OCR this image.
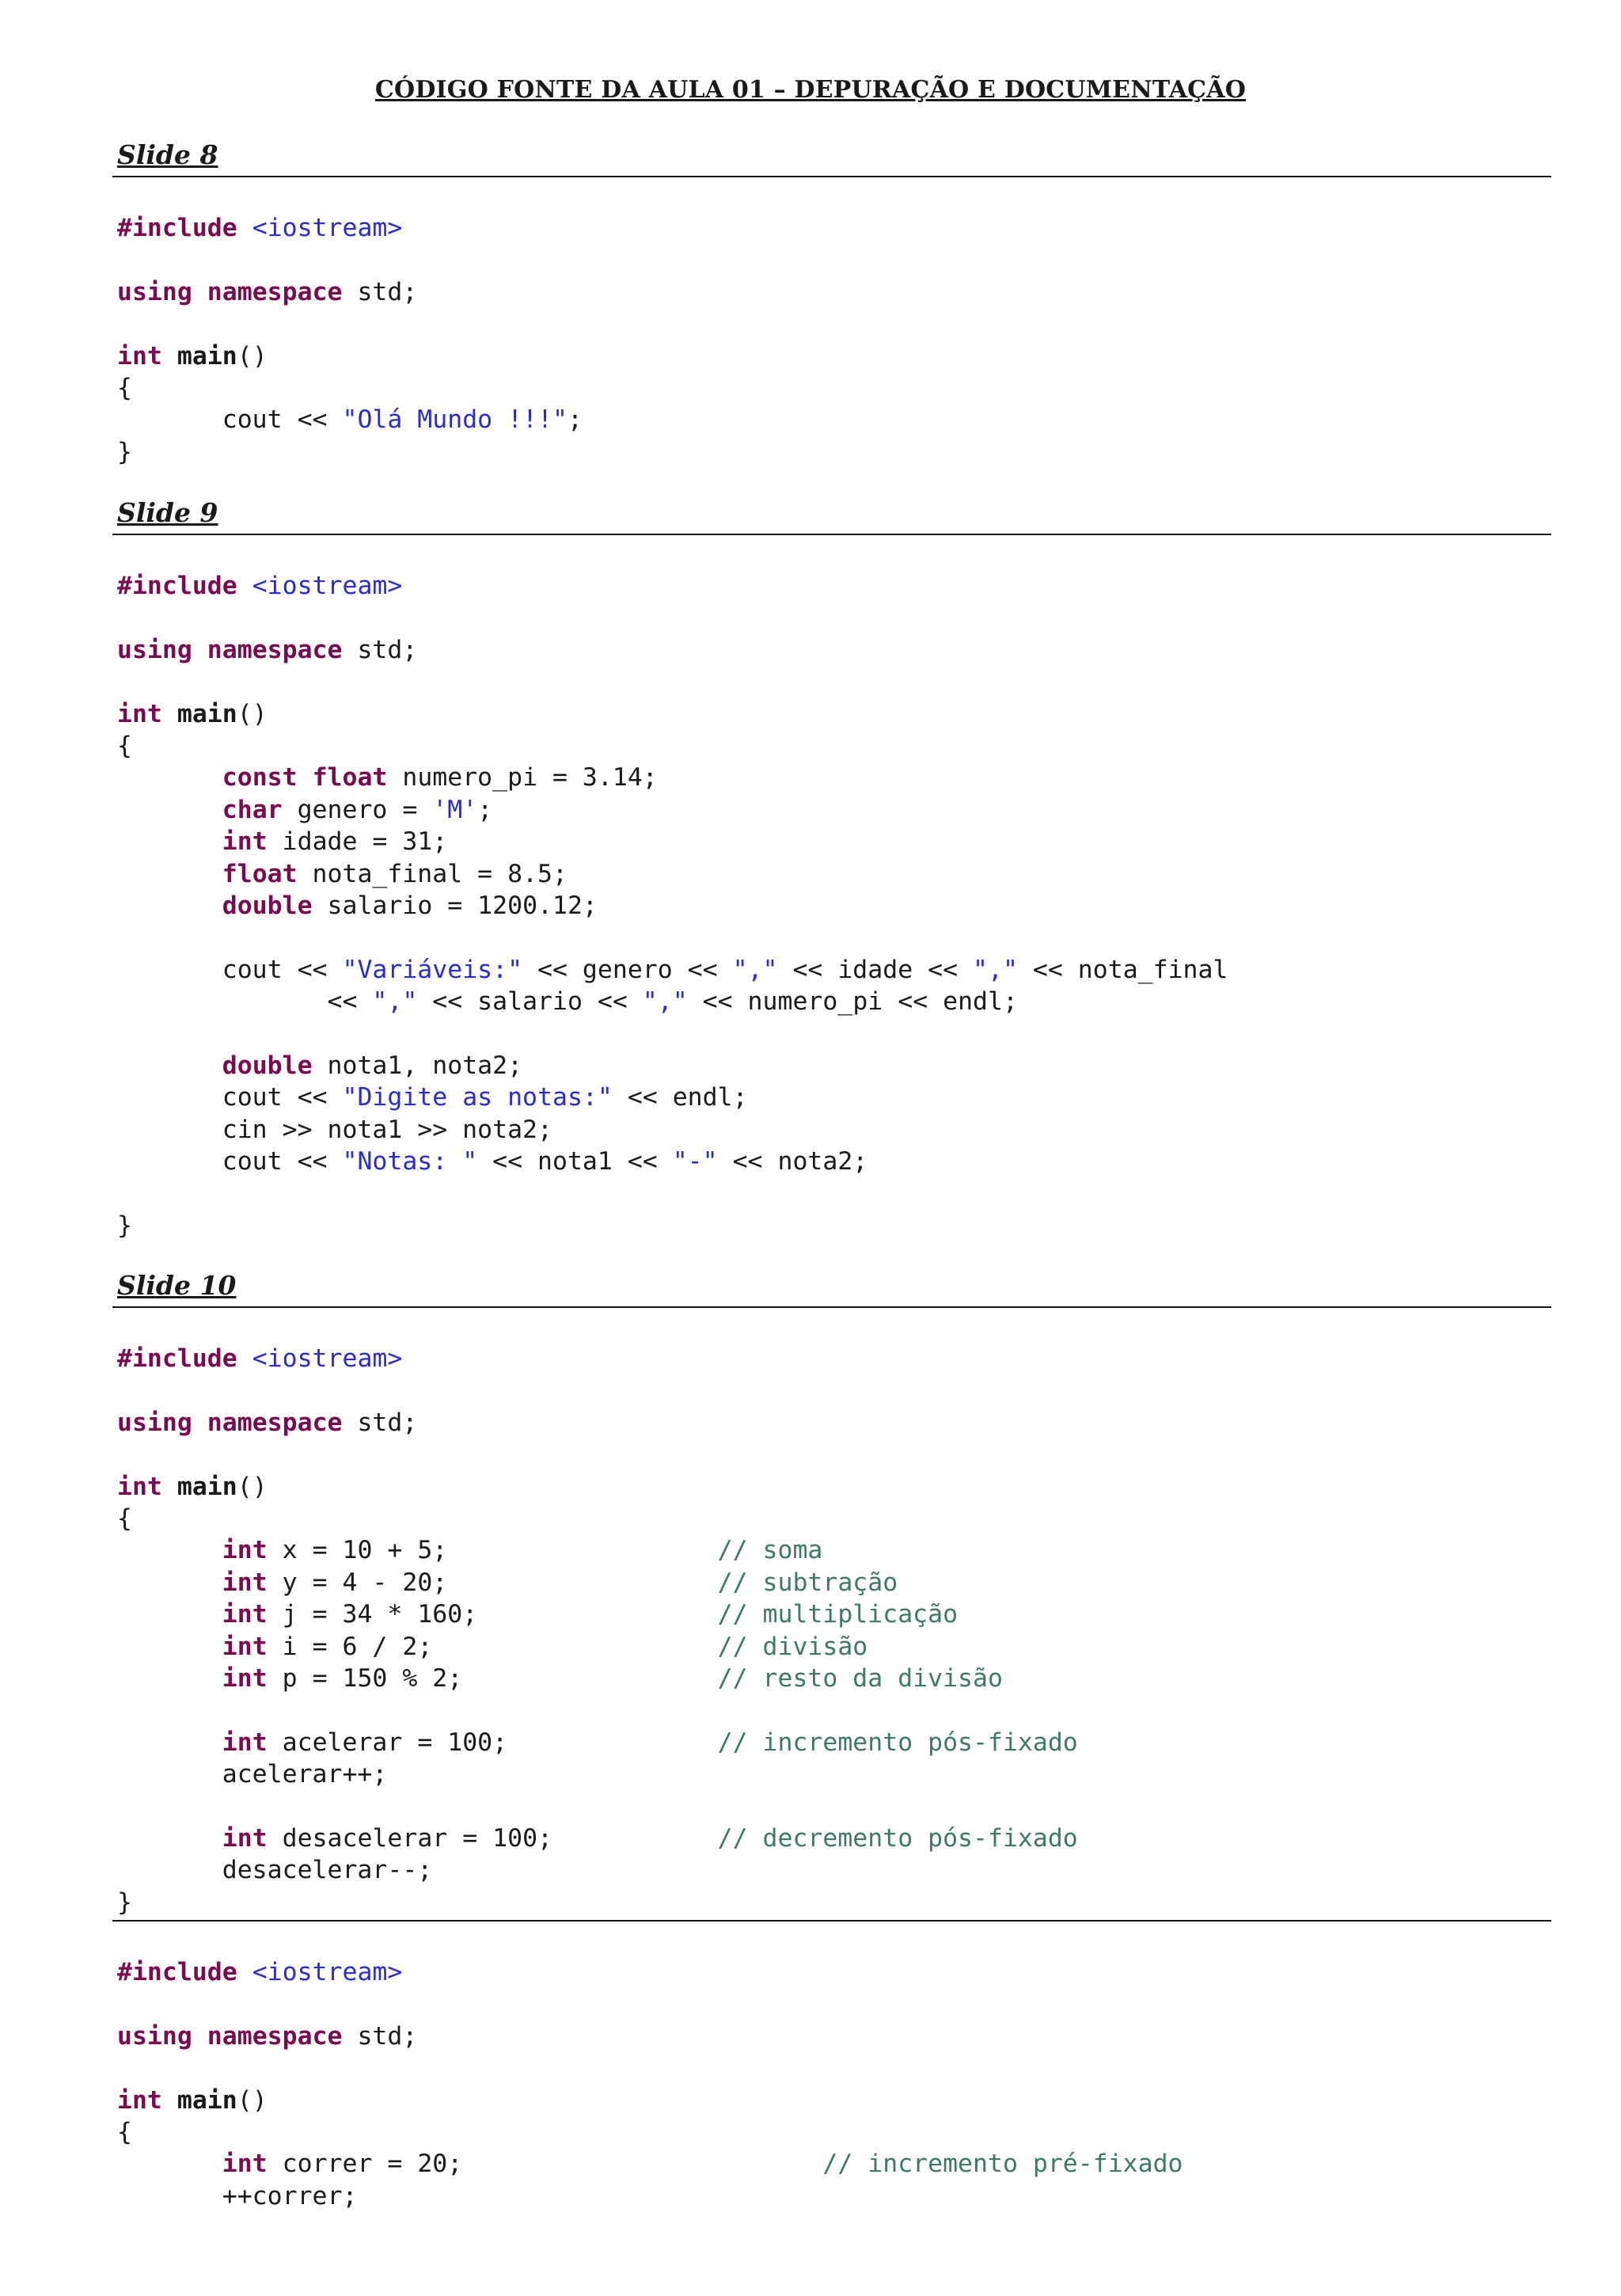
CÓDIGO FONTE DA AULA 01 – DEPURAÇÃO E DOCUMENTAÇÃO
Slide 8
#include <iostream>
using namespace std;
int main()
{
cout << "Olá Mundo !!!";
}
Slide 9
#include <iostream>
using namespace std;
int main()
{
const float numero_pi = 3.14;
char genero = 'M';
int idade = 31;
float nota_final = 8.5;
double salario = 1200.12;
cout << "Variáveis:" << genero << "," << idade << "," << nota_final
<< "," << salario << "," << numero_pi << endl;
double nota1, nota2;
cout << "Digite as notas:" << endl;
cin >> nota1 >> nota2;
cout << "Notas: " << nota1 << "-" << nota2;
}
Slide 10
#include <iostream>
using namespace std;
int main()
{
int x = 10 + 5;                  // soma
int y = 4 - 20;                  // subtração
int j = 34 * 160;                // multiplicação
int i = 6 / 2;                   // divisão
int p = 150 % 2;                 // resto da divisão
int acelerar = 100;              // incremento pós-fixado
acelerar++;
int desacelerar = 100;           // decremento pós-fixado
desacelerar--;
}
#include <iostream>
using namespace std;
int main()
{
int correr = 20;                        // incremento pré-fixado
++correr;
